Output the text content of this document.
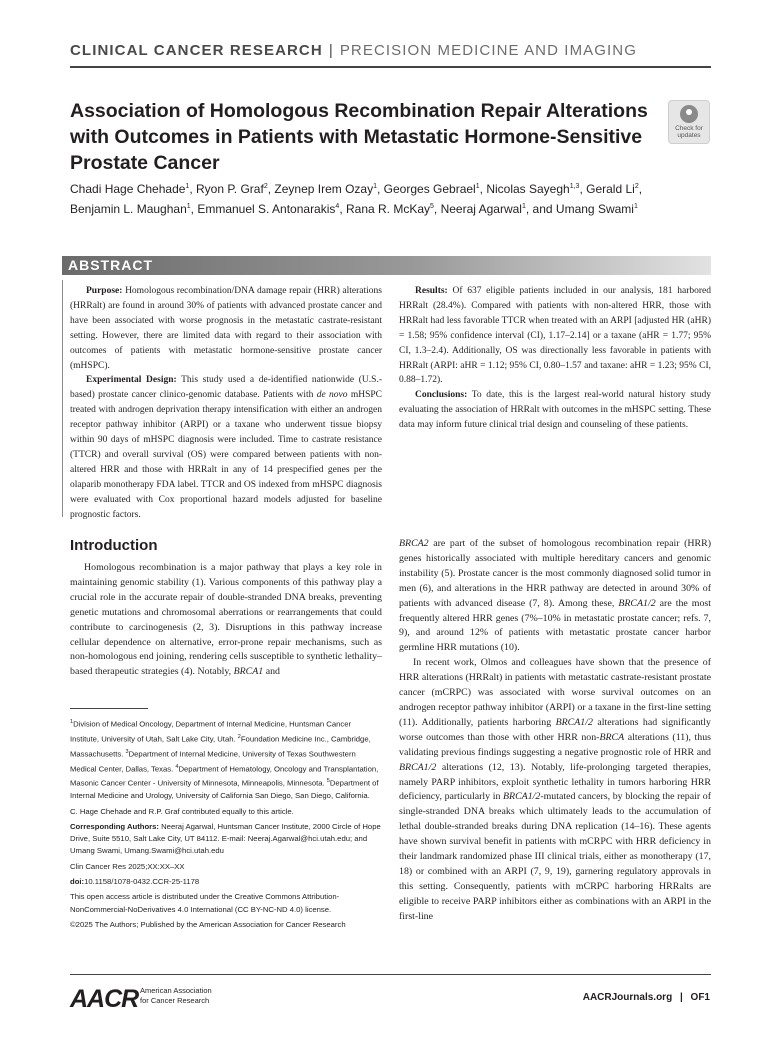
CLINICAL CANCER RESEARCH | PRECISION MEDICINE AND IMAGING
Association of Homologous Recombination Repair Alterations with Outcomes in Patients with Metastatic Hormone-Sensitive Prostate Cancer
Check for updates
Chadi Hage Chehade$^1$, Ryon P. Graf$^2$, Zeynep Irem Ozay$^1$, Georges Gebrael$^1$, Nicolas Sayegh$^{1,3}$, Gerald Li$^2$, Benjamin L. Maughan$^1$, Emmanuel S. Antonarakis$^4$, Rana R. McKay$^5$, Neeraj Agarwal$^1$, and Umang Swami$^1$
ABSTRACT

Purpose: Homologous recombination/DNA damage repair (HRR) alterations (HRRalt) are found in around 30% of patients with advanced prostate cancer and have been associated with worse prognosis in the metastatic castrate-resistant setting. However, there are limited data with regard to their association with outcomes of patients with metastatic hormone-sensitive prostate cancer (mHSPC).

Experimental Design: This study used a de-identified nationwide (U.S.-based) prostate cancer clinico-genomic database. Patients with de novo mHSPC treated with androgen deprivation therapy intensification with either an androgen receptor pathway inhibitor (ARPI) or a taxane who underwent tissue biopsy within 90 days of mHSPC diagnosis were included. Time to castrate resistance (TTCR) and overall survival (OS) were compared between patients with non-altered HRR and those with HRRalt in any of 14 prespecified genes per the olaparib monotherapy FDA label. TTCR and OS indexed from mHSPC diagnosis were evaluated with Cox proportional hazard models adjusted for baseline prognostic factors.

Results: Of 637 eligible patients included in our analysis, 181 harbored HRRalt (28.4%). Compared with patients with non-altered HRR, those with HRRalt had less favorable TTCR when treated with an ARPI [adjusted HR (aHR) = 1.58; 95% confidence interval (CI), 1.17–2.14] or a taxane (aHR = 1.77; 95% CI, 1.3–2.4). Additionally, OS was directionally less favorable in patients with HRRalt (ARPI: aHR = 1.12; 95% CI, 0.80–1.57 and taxane: aHR = 1.23; 95% CI, 0.88–1.72).

Conclusions: To date, this is the largest real-world natural history study evaluating the association of HRRalt with outcomes in the mHSPC setting. These data may inform future clinical trial design and counseling of these patients.

Introduction

Homologous recombination is a major pathway that plays a key role in maintaining genomic stability (1). Various components of this pathway play a crucial role in the accurate repair of double-stranded DNA breaks, preventing genetic mutations and chromosomal aberrations or rearrangements that could contribute to carcinogenesis (2, 3). Disruptions in this pathway increase cellular dependence on alternative, error-prone repair mechanisms, such as non-homologous end joining, rendering cells susceptible to synthetic lethality–based therapeutic strategies (4). Notably, BRCA1 and

$^1$Division of Medical Oncology, Department of Internal Medicine, Huntsman Cancer Institute, University of Utah, Salt Lake City, Utah. $^2$Foundation Medicine Inc., Cambridge, Massachusetts. $^3$Department of Internal Medicine, University of Texas Southwestern Medical Center, Dallas, Texas. $^4$Department of Hematology, Oncology and Transplantation, Masonic Cancer Center - University of Minnesota, Minneapolis, Minnesota. $^5$Department of Internal Medicine and Urology, University of California San Diego, San Diego, California.

C. Hage Chehade and R.P. Graf contributed equally to this article.

Corresponding Authors: Neeraj Agarwal, Huntsman Cancer Institute, 2000 Circle of Hope Drive, Suite 5510, Salt Lake City, UT 84112. E-mail: Neeraj.Agarwal@hci.utah.edu; and Umang Swami, Umang.Swami@hci.utah.edu

Clin Cancer Res 2025;XX:XX–XX

doi:10.1158/1078-0432.CCR-25-1178

This open access article is distributed under the Creative Commons Attribution-NonCommercial-NoDerivatives 4.0 International (CC BY-NC-ND 4.0) license.

©2025 The Authors; Published by the American Association for Cancer Research

BRCA2 are part of the subset of homologous recombination repair (HRR) genes historically associated with multiple hereditary cancers and genomic instability (5). Prostate cancer is the most commonly diagnosed solid tumor in men (6), and alterations in the HRR pathway are detected in around 30% of patients with advanced disease (7, 8). Among these, BRCA1/2 are the most frequently altered HRR genes (7%–10% in metastatic prostate cancer; refs. 7, 9), and around 12% of patients with metastatic prostate cancer harbor germline HRR mutations (10).

In recent work, Olmos and colleagues have shown that the presence of HRR alterations (HRRalt) in patients with metastatic castrate-resistant prostate cancer (mCRPC) was associated with worse survival outcomes on an androgen receptor pathway inhibitor (ARPI) or a taxane in the first-line setting (11). Additionally, patients harboring BRCA1/2 alterations had significantly worse outcomes than those with other HRR non-BRCA alterations (11), thus validating previous findings suggesting a negative prognostic role of HRR and BRCA1/2 alterations (12, 13). Notably, life-prolonging targeted therapies, namely PARP inhibitors, exploit synthetic lethality in tumors harboring HRR deficiency, particularly in BRCA1/2-mutated cancers, by blocking the repair of single-stranded DNA breaks which ultimately leads to the accumulation of lethal double-stranded breaks during DNA replication (14–16). These agents have shown survival benefit in patients with mCRPC with HRR deficiency in their landmark randomized phase III clinical trials, either as monotherapy (17, 18) or combined with an ARPI (7, 9, 19), garnering regulatory approvals in this setting. Consequently, patients with mCRPC harboring HRRalts are eligible to receive PARP inhibitors either as combinations with an ARPI in the first-line

AACR American Association
for Cancer Research	AACRJournals.org | OF1
